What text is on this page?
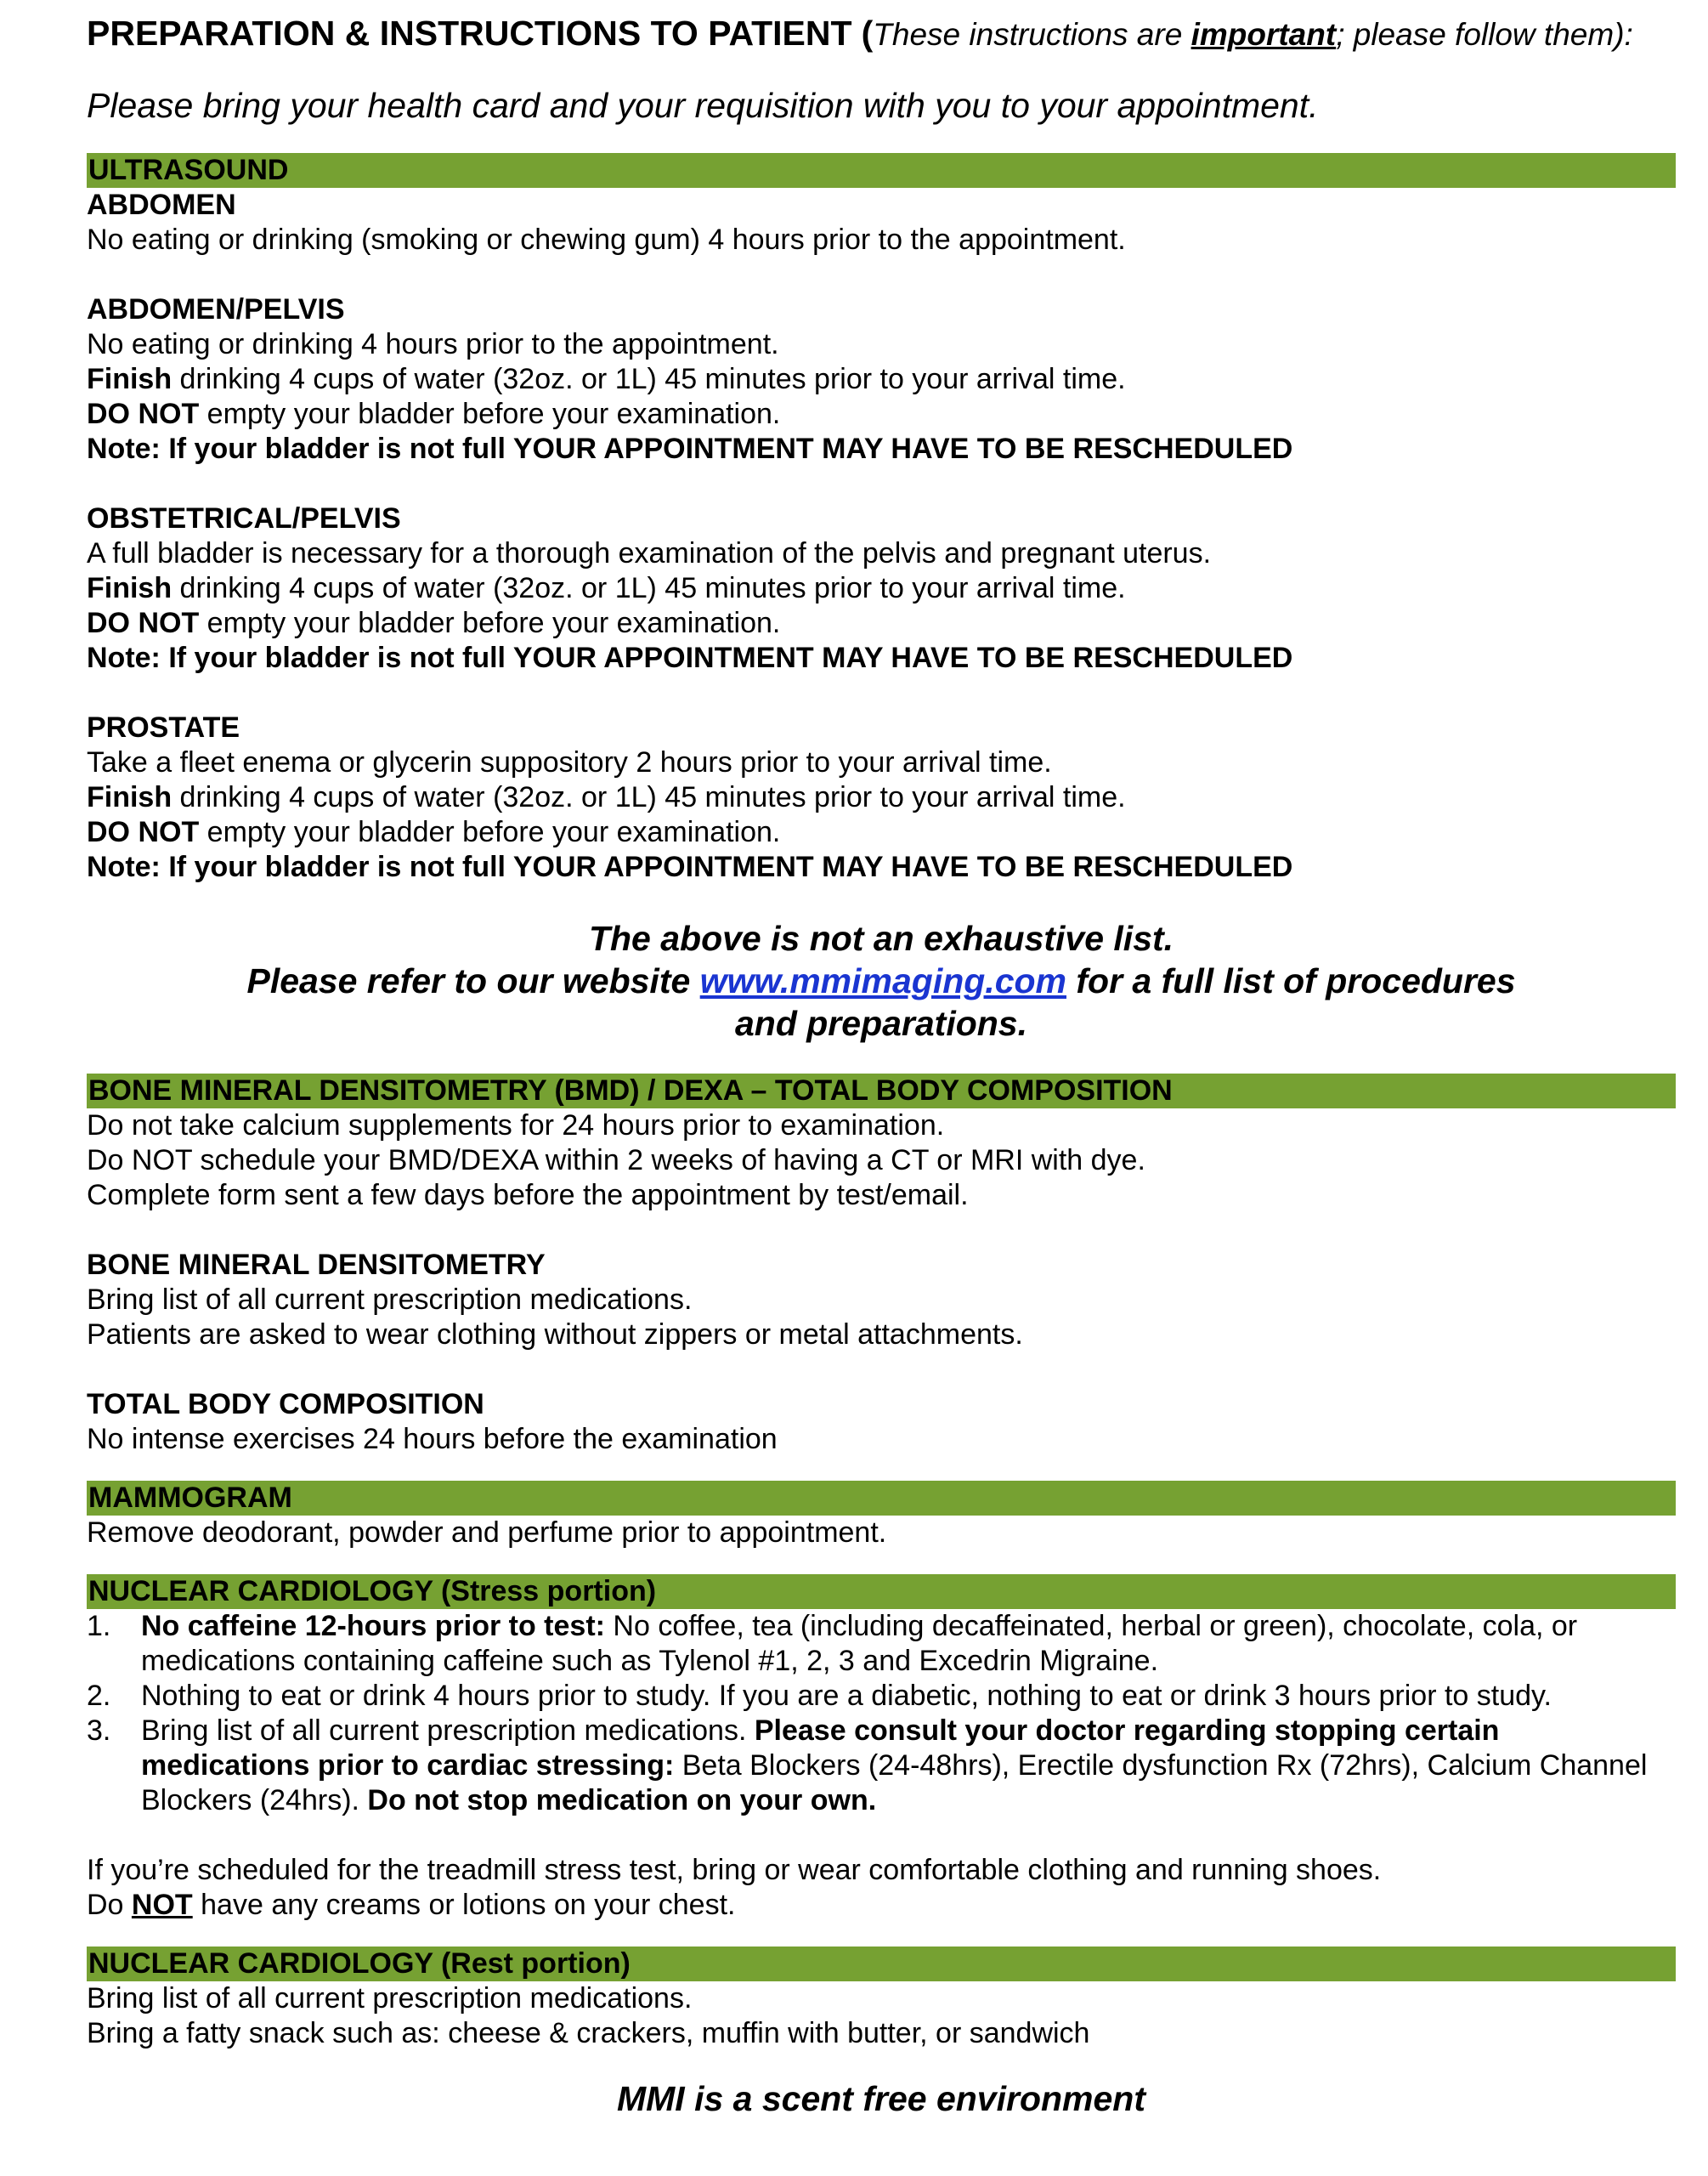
PREPARATION & INSTRUCTIONS TO PATIENT (These instructions are important; please follow them):
Please bring your health card and your requisition with you to your appointment.
ULTRASOUND
ABDOMEN
No eating or drinking (smoking or chewing gum) 4 hours prior to the appointment.
ABDOMEN/PELVIS
No eating or drinking 4 hours prior to the appointment.
Finish drinking 4 cups of water (32oz. or 1L) 45 minutes prior to your arrival time.
DO NOT empty your bladder before your examination.
Note: If your bladder is not full YOUR APPOINTMENT MAY HAVE TO BE RESCHEDULED
OBSTETRICAL/PELVIS
A full bladder is necessary for a thorough examination of the pelvis and pregnant uterus.
Finish drinking 4 cups of water (32oz. or 1L) 45 minutes prior to your arrival time.
DO NOT empty your bladder before your examination.
Note: If your bladder is not full YOUR APPOINTMENT MAY HAVE TO BE RESCHEDULED
PROSTATE
Take a fleet enema or glycerin suppository 2 hours prior to your arrival time.
Finish drinking 4 cups of water (32oz. or 1L) 45 minutes prior to your arrival time.
DO NOT empty your bladder before your examination.
Note: If your bladder is not full YOUR APPOINTMENT MAY HAVE TO BE RESCHEDULED
The above is not an exhaustive list.
Please refer to our website www.mmimaging.com for a full list of procedures
and preparations.
BONE MINERAL DENSITOMETRY (BMD) / DEXA – TOTAL BODY COMPOSITION
Do not take calcium supplements for 24 hours prior to examination.
Do NOT schedule your BMD/DEXA within 2 weeks of having a CT or MRI with dye.
Complete form sent a few days before the appointment by test/email.
BONE MINERAL DENSITOMETRY
Bring list of all current prescription medications.
Patients are asked to wear clothing without zippers or metal attachments.
TOTAL BODY COMPOSITION
No intense exercises 24 hours before the examination
MAMMOGRAM
Remove deodorant, powder and perfume prior to appointment.
NUCLEAR CARDIOLOGY (Stress portion)
1.	No caffeine 12-hours prior to test: No coffee, tea (including decaffeinated, herbal or green), chocolate, cola, or medications containing caffeine such as Tylenol #1, 2, 3 and Excedrin Migraine.
2.	Nothing to eat or drink 4 hours prior to study. If you are a diabetic, nothing to eat or drink 3 hours prior to study.
3.	Bring list of all current prescription medications. Please consult your doctor regarding stopping certain medications prior to cardiac stressing: Beta Blockers (24-48hrs), Erectile dysfunction Rx (72hrs), Calcium Channel Blockers (24hrs). Do not stop medication on your own.
If you’re scheduled for the treadmill stress test, bring or wear comfortable clothing and running shoes.
Do NOT have any creams or lotions on your chest.
NUCLEAR CARDIOLOGY (Rest portion)
Bring list of all current prescription medications.
Bring a fatty snack such as: cheese & crackers, muffin with butter, or sandwich
MMI is a scent free environment
